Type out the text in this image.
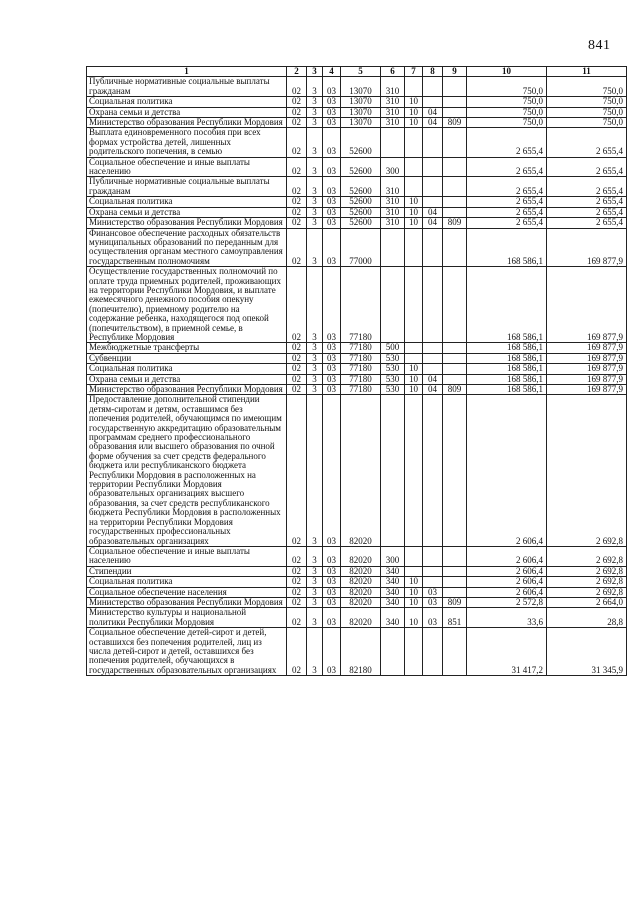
841
1	2	3	4	5	6	7	8	9	10	11
Публичные нормативные социальные выплаты гражданам	02	3	03	13070	310				750,0	750,0
Социальная политика	02	3	03	13070	310	10			750,0	750,0
Охрана семьи и детства	02	3	03	13070	310	10	04		750,0	750,0
Министерство образования Республики Мордовия	02	3	03	13070	310	10	04	809	750,0	750,0
Выплата единовременного пособия при всех формах устройства детей, лишенных родительского попечения, в семью	02	3	03	52600					2 655,4	2 655,4
Социальное обеспечение и иные выплаты населению	02	3	03	52600	300				2 655,4	2 655,4
Публичные нормативные социальные выплаты гражданам	02	3	03	52600	310				2 655,4	2 655,4
Социальная политика	02	3	03	52600	310	10			2 655,4	2 655,4
Охрана семьи и детства	02	3	03	52600	310	10	04		2 655,4	2 655,4
Министерство образования Республики Мордовия	02	3	03	52600	310	10	04	809	2 655,4	2 655,4
Финансовое обеспечение расходных обязательств муниципальных образований по переданным для осуществления органам местного самоуправления государственным полномочиям	02	3	03	77000					168 586,1	169 877,9
Осуществление государственных полномочий по оплате труда приемных родителей, проживающих на территории Республики Мордовия, и выплате ежемесячного денежного пособия опекуну (попечителю), приемному родителю на содержание ребенка, находящегося под опекой (попечительством), в приемной семье, в Республике Мордовия	02	3	03	77180					168 586,1	169 877,9
Межбюджетные трансферты	02	3	03	77180	500				168 586,1	169 877,9
Субвенции	02	3	03	77180	530				168 586,1	169 877,9
Социальная политика	02	3	03	77180	530	10			168 586,1	169 877,9
Охрана семьи и детства	02	3	03	77180	530	10	04		168 586,1	169 877,9
Министерство образования Республики Мордовия	02	3	03	77180	530	10	04	809	168 586,1	169 877,9
Предоставление дополнительной стипендии детям-сиротам и детям, оставшимся без попечения родителей, обучающимся по имеющим государственную аккредитацию образовательным программам среднего профессионального образования или высшего образования по очной форме обучения за счет средств федерального бюджета или республиканского бюджета Республики Мордовия в расположенных на территории Республики Мордовия образовательных организациях высшего образования, за счет средств республиканского бюджета Республики Мордовия в расположенных на территории Республики Мордовия государственных профессиональных образовательных организациях	02	3	03	82020					2 606,4	2 692,8
Социальное обеспечение и иные выплаты населению	02	3	03	82020	300				2 606,4	2 692,8
Стипендии	02	3	03	82020	340				2 606,4	2 692,8
Социальная политика	02	3	03	82020	340	10			2 606,4	2 692,8
Социальное обеспечение населения	02	3	03	82020	340	10	03		2 606,4	2 692,8
Министерство образования Республики Мордовия	02	3	03	82020	340	10	03	809	2 572,8	2 664,0
Министерство культуры и национальной политики Республики Мордовия	02	3	03	82020	340	10	03	851	33,6	28,8
Социальное обеспечение детей-сирот и детей, оставшихся без попечения родителей, лиц из числа детей-сирот и детей, оставшихся без попечения родителей, обучающихся в государственных образовательных организациях	02	3	03	82180					31 417,2	31 345,9
